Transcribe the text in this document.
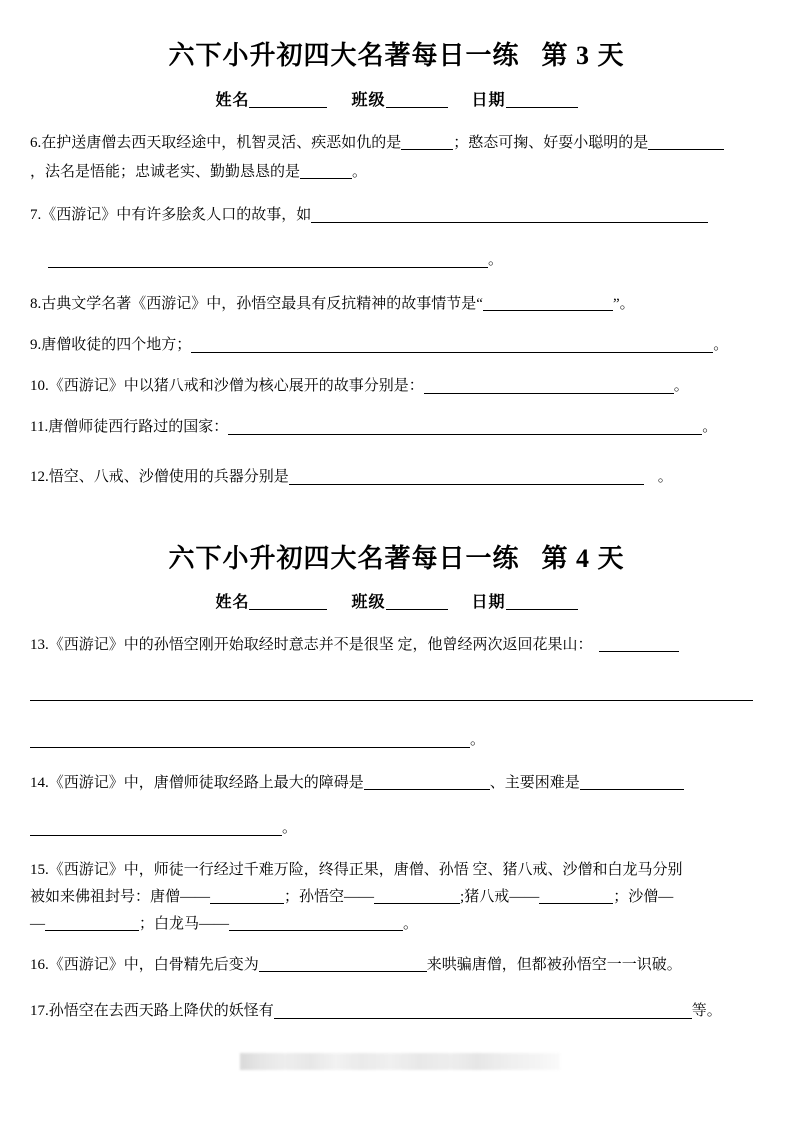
六下小升初四大名著每日一练 第 3 天
姓名	班级	日期
6.在护送唐僧去西天取经途中，机智灵活、疾恶如仇的是	；憨态可掬、好耍小聪明的是
，法名是悟能；忠诚老实、勤勤恳恳的是	。
7.《西游记》中有许多脍炙人口的故事，如
。
8.古典文学名著《西游记》中，孙悟空最具有反抗精神的故事情节是“	”。
9.唐僧收徒的四个地方；	。
10.《西游记》中以猪八戒和沙僧为核心展开的故事分别是：	。
11.唐僧师徒西行路过的国家：	。
12.悟空、八戒、沙僧使用的兵器分别是	。
六下小升初四大名著每日一练 第 4 天
姓名	班级	日期
13.《西游记》中的孙悟空刚开始取经时意志并不是很坚 定，他曾经两次返回花果山：
。
14.《西游记》中，唐僧师徒取经路上最大的障碍是	、主要困难是
。
15.《西游记》中，师徒一行经过千难万险，终得正果，唐僧、孙悟 空、猪八戒、沙僧和白龙马分别
被如来佛祖封号：唐僧——	；孙悟空——	;猪八戒——	；沙僧—
—	；白龙马——	。
16.《西游记》中，白骨精先后变为	来哄骗唐僧，但都被孙悟空一一识破。
17.孙悟空在去西天路上降伏的妖怪有	等。
